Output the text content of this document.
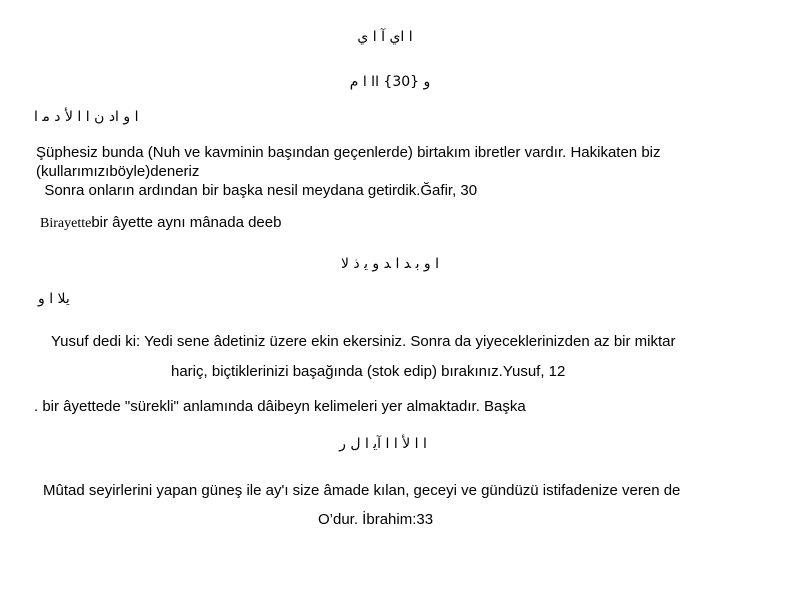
ا اي آ ا ي
و {30} اا ا م
ا و اد ن ا ا لأ ﺩ ﻣ ا
Şüphesiz bunda (Nuh ve kavminin başından geçenlerde) birtakım ibretler vardır. Hakikaten biz
(kullarımızıböyle)deneriz
Sonra onların ardından bir başka nesil meydana getirdik.Ğafir, 30
Birayettebir âyette aynı mânada deeb
ا و ﺑ ﺪ ا ﺪ و ﻳ ﺫ ﻻ
ﻳﻼ ا و
Yusuf dedi ki: Yedi sene âdetiniz üzere ekin ekersiniz. Sonra da yiyeceklerinizden az bir miktar
hariç, biçtiklerinizi başağında (stok edip) bırakınız.Yusuf, 12
. bir âyettede "sürekli" anlamında dâibeyn kelimeleri yer almaktadır. Başka
ا ا لأ ا ا آﻳ ا ﻝ ﺭ
Mûtad seyirlerini yapan güneş ile ay'ı size âmade kılan, geceyi ve gündüzü istifadenize veren de
O’dur. İbrahim:33
